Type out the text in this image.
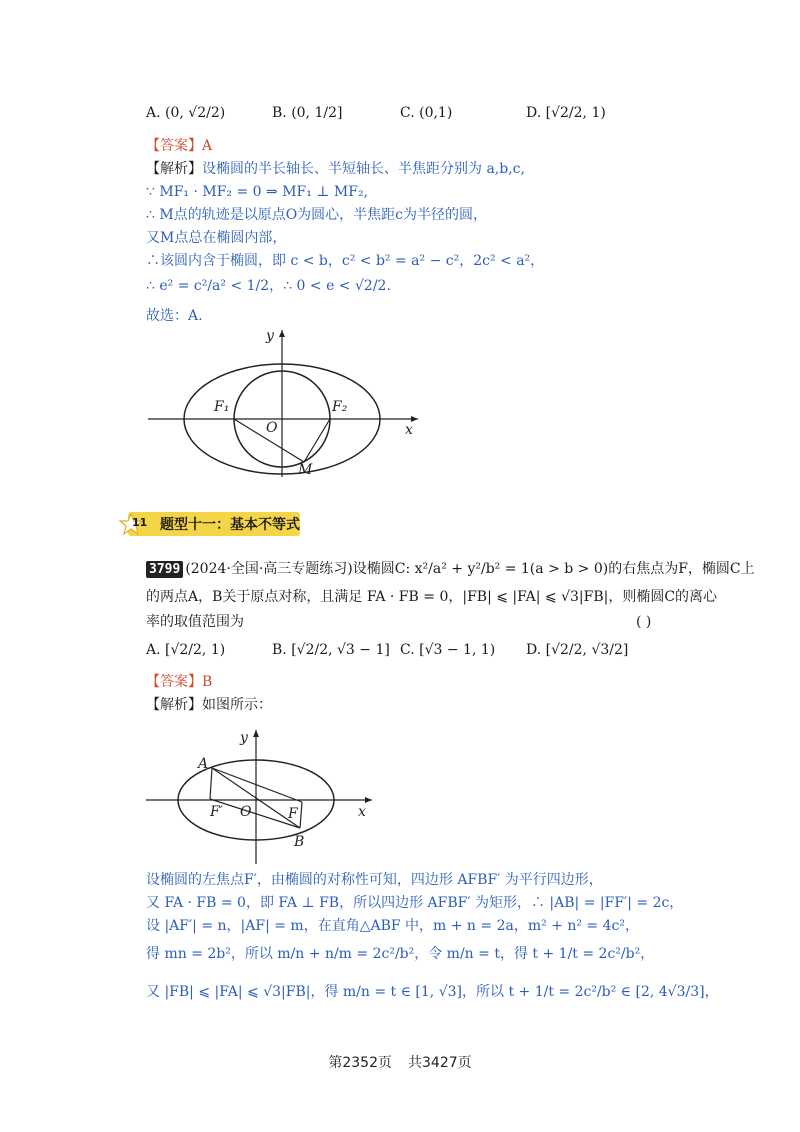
A. (0, √2/2)	B. (0, 1/2]	C. (0,1)	D. [√2/2, 1)
【答案】A
【解析】设椭圆的半长轴长、半短轴长、半焦距分别为 a,b,c,
∵ MF₁ · MF₂ = 0 ⇒ MF₁ ⊥ MF₂,
∴ M点的轨迹是以原点O为圆心，半焦距c为半径的圆，
又M点总在椭圆内部，
∴该圆内含于椭圆，即 c < b，c² < b² = a² − c²，2c² < a²，
∴ e² = c²/a² < 1/2，∴ 0 < e < √2/2.
故选：A.
F₁	F₂
O
M
y
x
11 题型十一：基本不等式
3799 (2024·全国·高三专题练习)设椭圆C: x²/a² + y²/b² = 1(a > b > 0)的右焦点为F，椭圆C上
的两点A，B关于原点对称，且满足 FA · FB = 0，|FB| ⩽ |FA| ⩽ √3|FB|，则椭圆C的离心
率的取值范围为	( )
A. [√2/2, 1)	B. [√2/2, √3 − 1] C. [√3 − 1, 1) D. [√2/2, √3/2]
【答案】B
【解析】如图所示：
A
B
F
F′ O
y
x
设椭圆的左焦点F′，由椭圆的对称性可知，四边形 AFBF′ 为平行四边形，
又 FA · FB = 0，即 FA ⊥ FB，所以四边形 AFBF′ 为矩形，∴ |AB| = |FF′| = 2c，
设 |AF′| = n，|AF| = m，在直角△ABF 中，m + n = 2a，m² + n² = 4c²，
得 mn = 2b²，所以 m/n + n/m = 2c²/b²，令 m/n = t，得 t + 1/t = 2c²/b²，
又 |FB| ⩽ |FA| ⩽ √3|FB|，得 m/n = t ∈ [1, √3]，所以 t + 1/t = 2c²/b² ∈ [2, 4√3/3]，
第2352页 共3427页
